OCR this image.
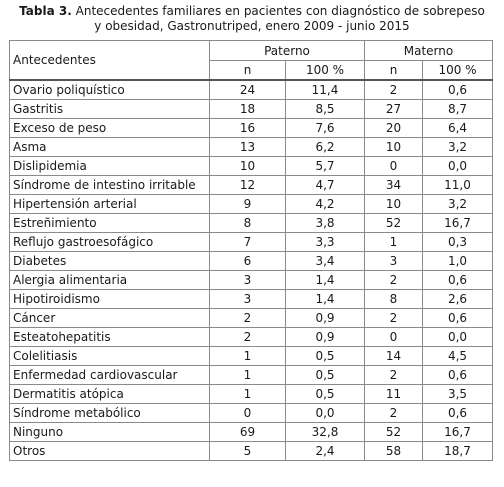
Tabla 3. Antecedentes familiares en pacientes con diagnóstico de sobrepeso
y obesidad, Gastronutriped, enero 2009 - junio 2015
Antecedentes	Paterno		Materno	
	n	100 %	n	100 %
Ovario poliquístico	24	11,4	2	0,6
Gastritis	18	8,5	27	8,7
Exceso de peso	16	7,6	20	6,4
Asma	13	6,2	10	3,2
Dislipidemia	10	5,7	0	0,0
Síndrome de intestino irritable	12	4,7	34	11,0
Hipertensión arterial	9	4,2	10	3,2
Estreñimiento	8	3,8	52	16,7
Reflujo gastroesofágico	7	3,3	1	0,3
Diabetes	6	3,4	3	1,0
Alergia alimentaria	3	1,4	2	0,6
Hipotiroidismo	3	1,4	8	2,6
Cáncer	2	0,9	2	0,6
Esteatohepatitis	2	0,9	0	0,0
Colelitiasis	1	0,5	14	4,5
Enfermedad cardiovascular	1	0,5	2	0,6
Dermatitis atópica	1	0,5	11	3,5
Síndrome metabólico	0	0,0	2	0,6
Ninguno	69	32,8	52	16,7
Otros	5	2,4	58	18,7
